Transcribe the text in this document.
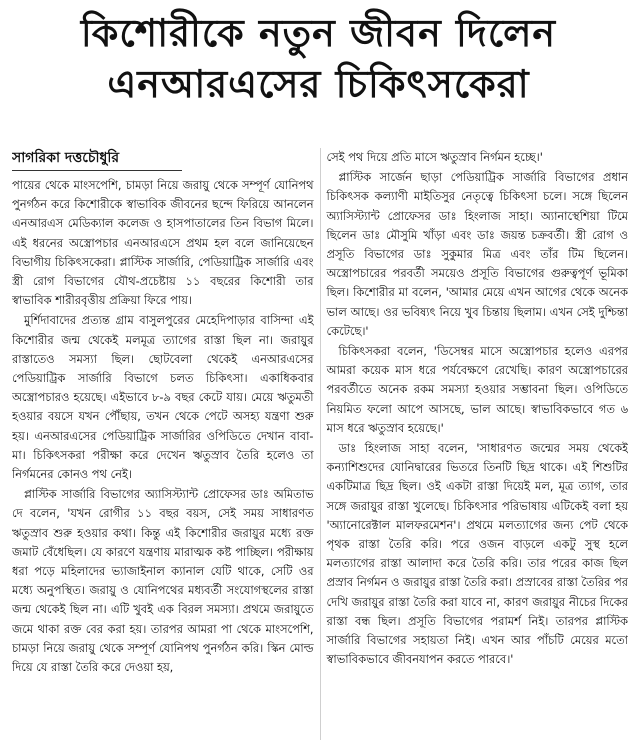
কিশোরীকে নতুন জীবন দিলেন
এনআরএসের চিকিৎসকেরা
সাগরিকা দত্তচৌধুরি

পায়ের থেকে মাংসপেশি, চামড়া নিয়ে জরায়ু থেকে সম্পূর্ণ যোনিপথ পুনর্গঠন করে কিশোরীকে স্বাভাবিক জীবনের ছন্দে ফিরিয়ে আনলেন এনআরএস মেডিক্যাল কলেজ ও হাসপাতালের তিন বিভাগ মিলে। এই ধরনের অস্ত্রোপচার এনআরএসে প্রথম হল বলে জানিয়েছেন বিভাগীয় চিকিৎসকেরা। প্লাস্টিক সার্জারি, পেডিয়াট্রিক সার্জারি এবং স্ত্রী রোগ বিভাগের যৌথ-প্রচেষ্টায় ১১ বছরের কিশোরী তার স্বাভাবিক শারীরবৃত্তীয় প্রক্রিয়া ফিরে পায়।

মুর্শিদাবাদের প্রত্যন্ত গ্রাম বাসুলপুরের মেহেদিপাড়ার বাসিন্দা এই কিশোরীর জন্ম থেকেই মলমূত্র ত্যাগের রাস্তা ছিল না। জরায়ুর রাস্তাতেও সমস্যা ছিল। ছোটবেলা থেকেই এনআরএসের পেডিয়াট্রিক সার্জারি বিভাগে চলত চিকিৎসা। একাধিকবার অস্ত্রোপচারও হয়েছে। এইভাবে ৮-৯ বছর কেটে যায়। মেয়ে ঋতুমতী হওয়ার বয়সে যখন পৌঁছায়, তখন থেকে পেটে অসহ্য যন্ত্রণা শুরু হয়। এনআরএসের পেডিয়াট্রিক সার্জারির ওপিডিতে দেখান বাবা-মা। চিকিৎসকরা পরীক্ষা করে দেখেন ঋতুস্রাব তৈরি হলেও তা নির্গমনের কোনও পথ নেই।

প্লাস্টিক সার্জারি বিভাগের অ্যাসিস্ট্যান্ট প্রোফেসর ডাঃ অমিতাভ দে বলেন, 'যখন রোগীর ১১ বছর বয়স, সেই সময় সাধারণত ঋতুস্রাব শুরু হওয়ার কথা। কিন্তু এই কিশোরীর জরায়ুর মধ্যে রক্ত জমাট বেঁধেছিল। যে কারণে যন্ত্রণায় মারাত্মক কষ্ট পাচ্ছিল। পরীক্ষায় ধরা পড়ে মহিলাদের ভ্যাজাইনাল ক্যানাল যেটি থাকে, সেটি ওর মধ্যে অনুপস্থিত। জরায়ু ও যোনিপথের মধ্যবর্তী সংযোগস্থলের রাস্তা জন্ম থেকেই ছিল না। এটি খুবই এক বিরল সমস্যা। প্রথমে জরায়ুতে জমে থাকা রক্ত বের করা হয়। তারপর আমরা পা থেকে মাংসপেশি, চামড়া নিয়ে জরায়ু থেকে সম্পূর্ণ যোনিপথ পুনর্গঠন করি। স্কিন মোল্ড দিয়ে যে রাস্তা তৈরি করে দেওয়া হয়,

সেই পথ দিয়ে প্রতি মাসে ঋতুস্রাব নির্গমন হচ্ছে।'

প্লাস্টিক সার্জেন ছাড়া পেডিয়াট্রিক সার্জারি বিভাগের প্রধান চিকিৎসক কল্যাণী মাইতিসুর নেতৃত্বে চিকিৎসা চলে। সঙ্গে ছিলেন অ্যাসিস্ট্যান্ট প্রোফেসর ডাঃ হিংলাজ সাহা। অ্যানাস্থেশিয়া টিমে ছিলেন ডাঃ মৌসুমি খাঁড়া এবং ডাঃ জয়ন্ত চক্রবর্তী। স্ত্রী রোগ ও প্রসূতি বিভাগের ডাঃ সুকুমার মিত্র এবং তাঁর টিম ছিলেন। অস্ত্রোপচারের পরবর্তী সময়েও প্রসূতি বিভাগের গুরুত্বপূর্ণ ভূমিকা ছিল। কিশোরীর মা বলেন, 'আমার মেয়ে এখন আগের থেকে অনেক ভাল আছে। ওর ভবিষ্যৎ নিয়ে খুব চিন্তায় ছিলাম। এখন সেই দুশ্চিন্তা কেটেছে।'

চিকিৎসকরা বলেন, 'ডিসেম্বর মাসে অস্ত্রোপচার হলেও এরপর আমরা কয়েক মাস ধরে পর্যবেক্ষণে রেখেছি। কারণ অস্ত্রোপচারের পরবর্তীতে অনেক রকম সমস্যা হওয়ার সম্ভাবনা ছিল। ওপিডিতে নিয়মিত ফলো আপে আসছে, ভাল আছে। স্বাভাবিকভাবে গত ৬ মাস ধরে ঋতুস্রাব হয়েছে।'

ডাঃ হিংলাজ সাহা বলেন, 'সাধারণত জন্মের সময় থেকেই কন্যাশিশুদের যোনিদ্বারের ভিতরে তিনটি ছিদ্র থাকে। এই শিশুটির একটিমাত্র ছিদ্র ছিল। ওই একটা রাস্তা দিয়েই মল, মূত্র ত্যাগ, তার সঙ্গে জরায়ুর রাস্তা খুলেছে। চিকিৎসার পরিভাষায় এটিকেই বলা হয় 'অ্যানোরেক্টাল মালফরমেশন'। প্রথমে মলত্যাগের জন্য পেট থেকে পৃথক রাস্তা তৈরি করি। পরে ওজন বাড়লে একটু সুস্থ হলে মলত্যাগের রাস্তা আলাদা করে তৈরি করি। তার পরের কাজ ছিল প্রস্রাব নির্গমন ও জরায়ুর রাস্তা তৈরি করা। প্রস্রাবের রাস্তা তৈরির পর দেখি জরায়ুর রাস্তা তৈরি করা যাবে না, কারণ জরায়ুর নীচের দিকের রাস্তা বন্ধ ছিল। প্রসূতি বিভাগের পরামর্শ নিই। তারপর প্লাস্টিক সার্জারি বিভাগের সহায়তা নিই। এখন আর পাঁচটি মেয়ের মতো স্বাভাবিকভাবে জীবনযাপন করতে পারবে।'
